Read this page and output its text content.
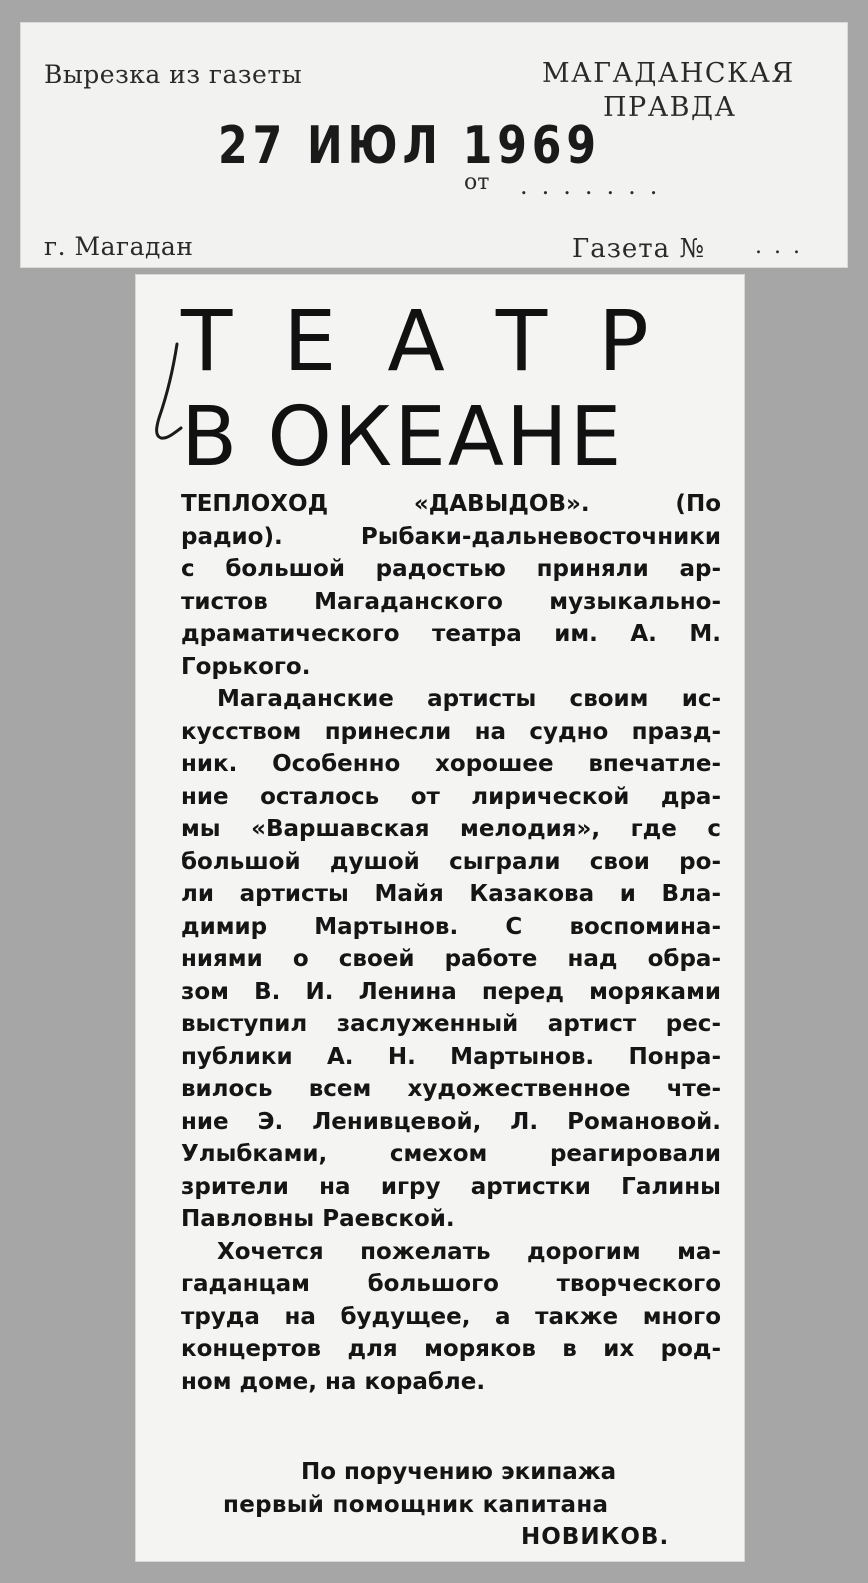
Вырезка из газеты	МАГАДАНСКАЯ
ПРАВДА
27 ИЮЛ 1969
от .......
г. Магадан	Газета № ...
ТЕАТР
В ОКЕАНЕ
ТЕПЛОХОД «ДАВЫДОВ». (По
радио). Рыбаки-дальневосточники
с большой радостью приняли ар-
тистов Магаданского музыкально-
драматического театра им. А. М.
Горького.
Магаданские артисты своим ис-
кусством принесли на судно празд-
ник. Особенно хорошее впечатле-
ние осталось от лирической дра-
мы «Варшавская мелодия», где с
большой душой сыграли свои ро-
ли артисты Майя Казакова и Вла-
димир Мартынов. С воспомина-
ниями о своей работе над обра-
зом В. И. Ленина перед моряками
выступил заслуженный артист рес-
публики А. Н. Мартынов. Понра-
вилось всем художественное чте-
ние Э. Ленивцевой, Л. Романовой.
Улыбками, смехом реагировали
зрители на игру артистки Галины
Павловны Раевской.
Хочется пожелать дорогим ма-
гаданцам большого творческого
труда на будущее, а также много
концертов для моряков в их род-
ном доме, на корабле.
По поручению экипажа
первый помощник капитана
НОВИКОВ.
